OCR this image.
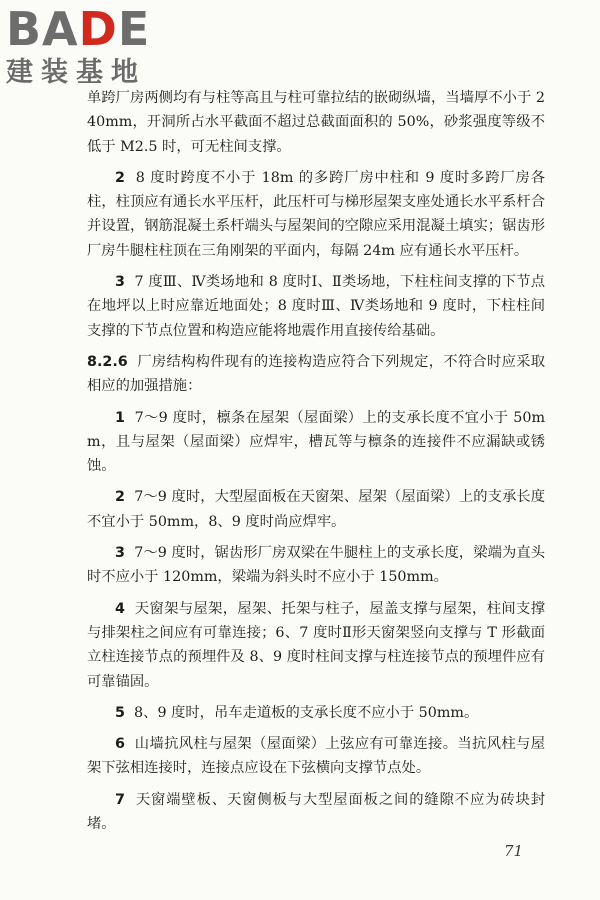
BADE
建装基地

单跨厂房两侧均有与柱等高且与柱可靠拉结的嵌砌纵墙，当墙厚不小于 240mm，开洞所占水平截面不超过总截面面积的 50%，砂浆强度等级不低于 M2.5 时，可无柱间支撑。

2 8 度时跨度不小于 18m 的多跨厂房中柱和 9 度时多跨厂房各柱，柱顶应有通长水平压杆，此压杆可与梯形屋架支座处通长水平系杆合并设置，钢筋混凝土系杆端头与屋架间的空隙应采用混凝土填实；锯齿形厂房牛腿柱柱顶在三角刚架的平面内，每隔 24m 应有通长水平压杆。

3 7 度Ⅲ、Ⅳ类场地和 8 度时Ⅰ、Ⅱ类场地，下柱柱间支撑的下节点在地坪以上时应靠近地面处；8 度时Ⅲ、Ⅳ类场地和 9 度时，下柱柱间支撑的下节点位置和构造应能将地震作用直接传给基础。

8.2.6 厂房结构构件现有的连接构造应符合下列规定，不符合时应采取相应的加强措施：

1 7～9 度时，檩条在屋架（屋面梁）上的支承长度不宜小于 50mm，且与屋架（屋面梁）应焊牢，槽瓦等与檩条的连接件不应漏缺或锈蚀。

2 7～9 度时，大型屋面板在天窗架、屋架（屋面梁）上的支承长度不宜小于 50mm，8、9 度时尚应焊牢。

3 7～9 度时，锯齿形厂房双梁在牛腿柱上的支承长度，梁端为直头时不应小于 120mm，梁端为斜头时不应小于 150mm。

4 天窗架与屋架，屋架、托架与柱子，屋盖支撑与屋架，柱间支撑与排架柱之间应有可靠连接；6、7 度时Ⅱ形天窗架竖向支撑与 T 形截面立柱连接节点的预埋件及 8、9 度时柱间支撑与柱连接节点的预埋件应有可靠锚固。

5 8、9 度时，吊车走道板的支承长度不应小于 50mm。

6 山墙抗风柱与屋架（屋面梁）上弦应有可靠连接。当抗风柱与屋架下弦相连接时，连接点应设在下弦横向支撑节点处。

7 天窗端壁板、天窗侧板与大型屋面板之间的缝隙不应为砖块封堵。

71
